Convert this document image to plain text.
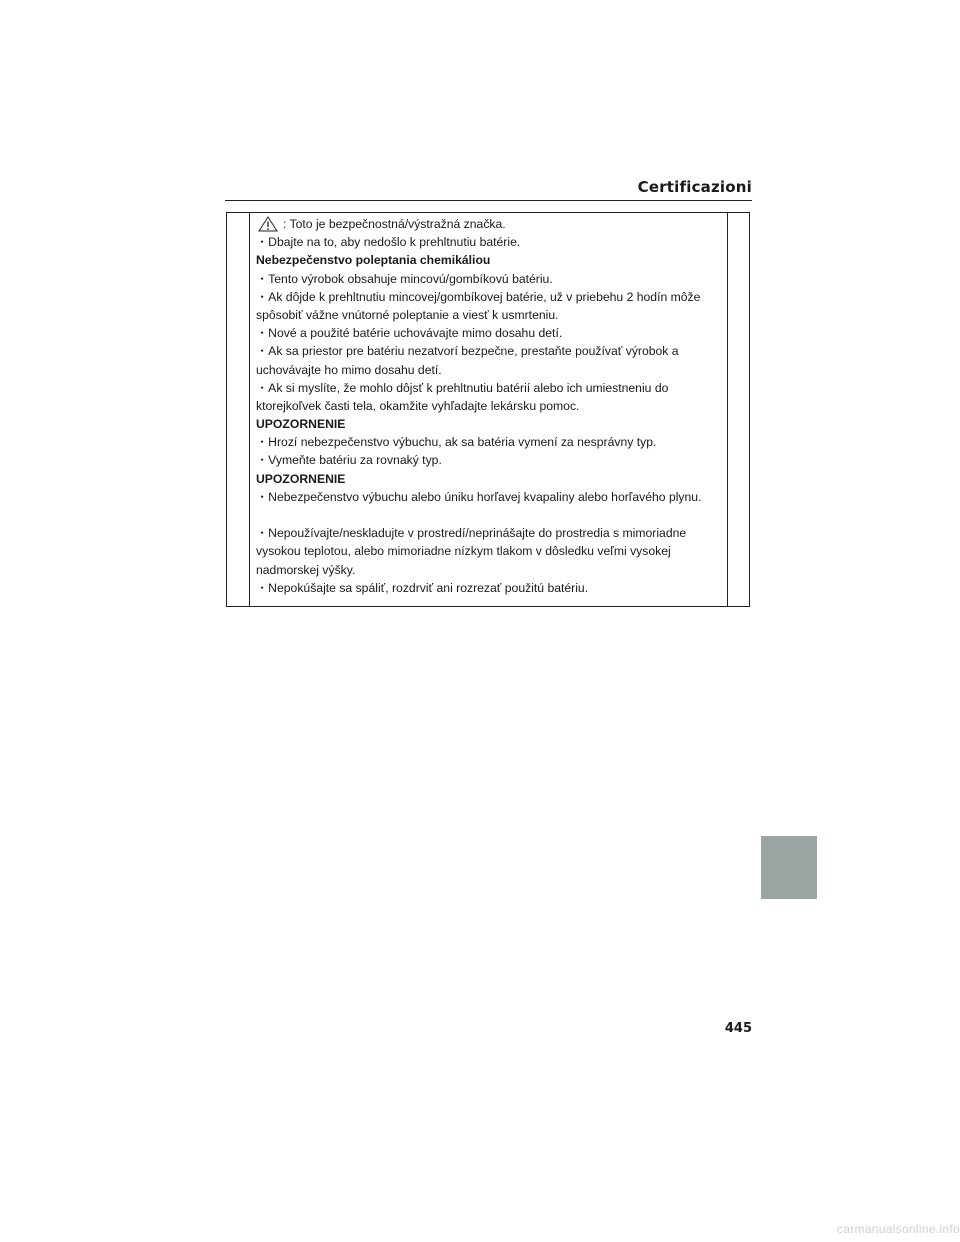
Certificazioni
: Toto je bezpečnostná/výstražná značka.
・Dbajte na to, aby nedošlo k prehltnutiu batérie.
Nebezpečenstvo poleptania chemikáliou
・Tento výrobok obsahuje mincovú/gombíkovú batériu.
・Ak dôjde k prehltnutiu mincovej/gombíkovej batérie, už v priebehu 2 hodín môže
spôsobiť vážne vnútorné poleptanie a viesť k usmrteniu.
・Nové a použité batérie uchovávajte mimo dosahu detí.
・Ak sa priestor pre batériu nezatvorí bezpečne, prestaňte používať výrobok a
uchovávajte ho mimo dosahu detí.
・Ak si myslíte, že mohlo dôjsť k prehltnutiu batérií alebo ich umiestneniu do
ktorejkoľvek časti tela, okamžite vyhľadajte lekársku pomoc.
UPOZORNENIE
・Hrozí nebezpečenstvo výbuchu, ak sa batéria vymení za nesprávny typ.
・Vymeňte batériu za rovnaký typ.
UPOZORNENIE
・Nebezpečenstvo výbuchu alebo úniku horľavej kvapaliny alebo horľavého plynu.
・Nepoužívajte/neskladujte v prostredí/neprinášajte do prostredia s mimoriadne
vysokou teplotou, alebo mimoriadne nízkym tlakom v dôsledku veľmi vysokej
nadmorskej výšky.
・Nepokúšajte sa spáliť, rozdrviť ani rozrezať použitú batériu.
445
carmanualsonline.info
